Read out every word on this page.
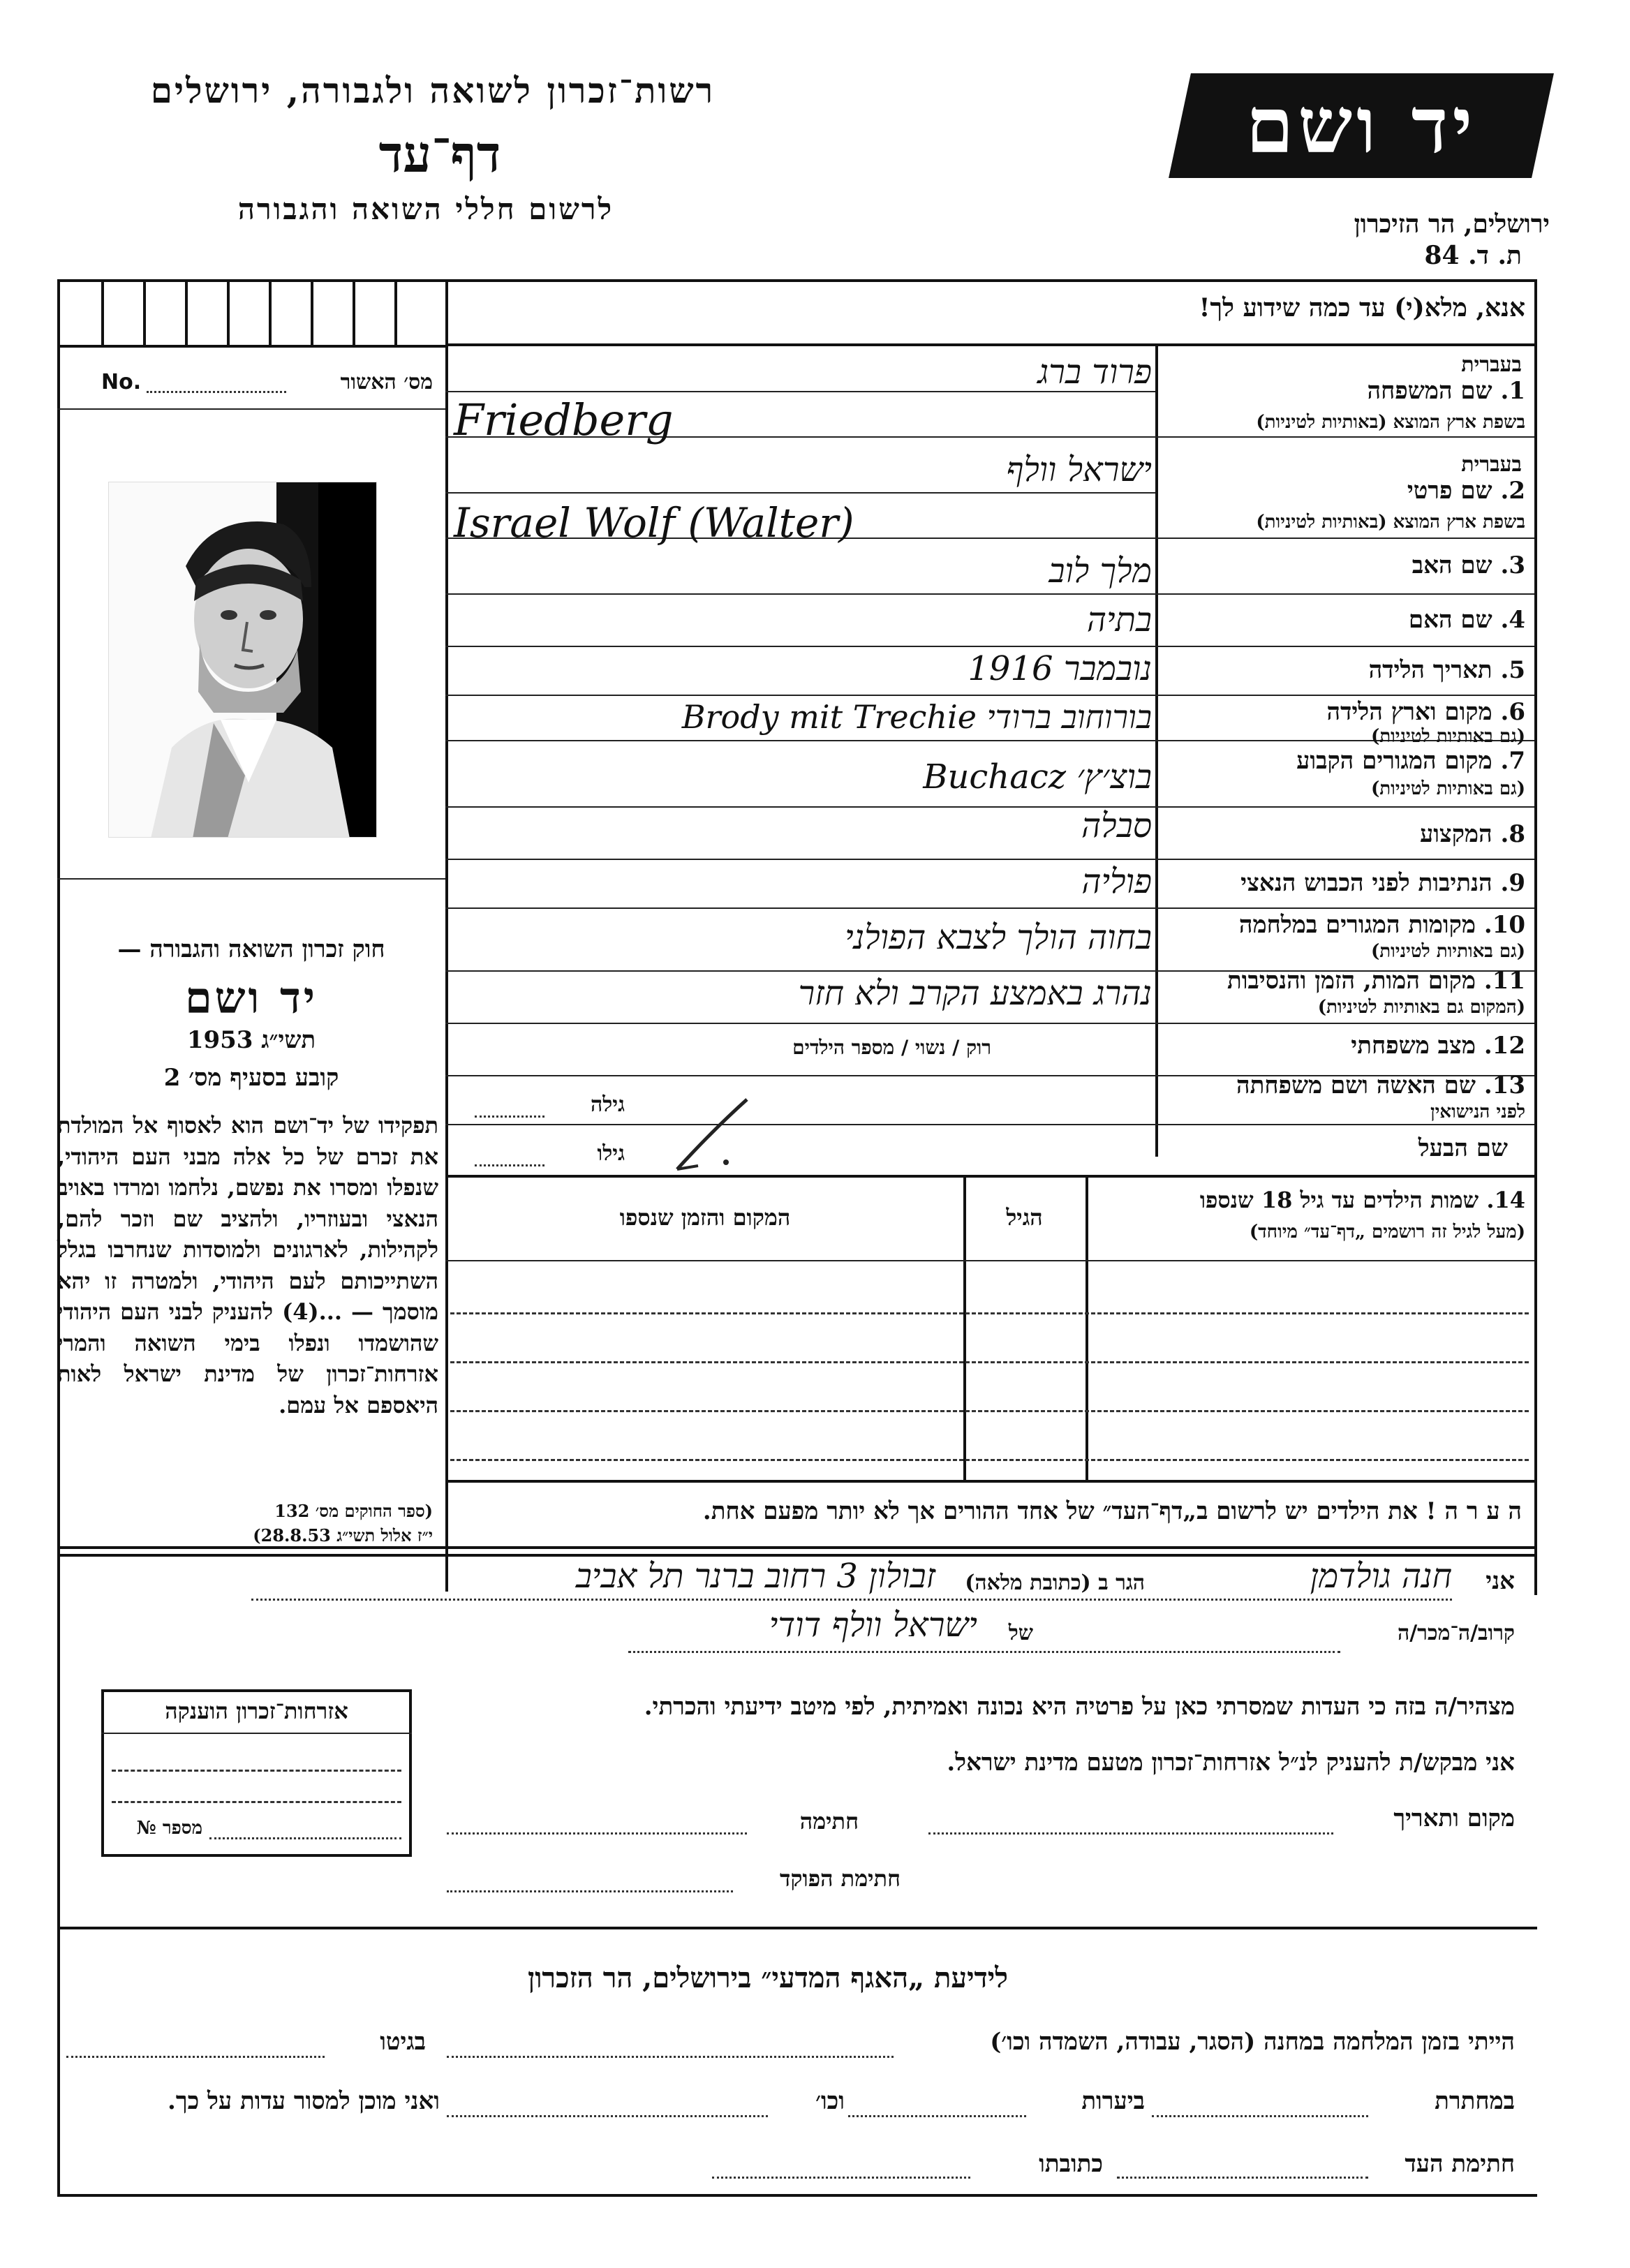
רשות־זכרון לשואה ולגבורה, ירושלים
דף־עד
לרשום חללי השואה והגבורה
יד ושם
ירושלים, הר הזיכרון
ת. ד. 84
אנא, מלא(י) עד כמה שידוע לך!
No.	מס׳ האשור
חוק זכרון השואה והגבורה —
יד ושם
תשי״ג 1953
קובע בסעיף מס׳ 2
תפקידו של יד־ושם הוא לאסוף אל המולדת את זכרם של כל אלה מבני העם היהודי, שנפלו ומסרו את נפשם, נלחמו ומרדו באויב הנאצי ובעוזריו, ולהציב שם וזכר להם, לקהילות, לארגונים ולמוסדות שנחרבו בגלל השתייכותם לעם היהודי, ולמטרה זו יהא מוסמך — ...(4) להעניק לבני העם היהודי שהושמדו ונפלו בימי השואה והמרי אזרחות־זכרון של מדינת ישראל לאות היאספם אל עמם.
(ספר החוקים מס׳ 132
י״ז אלול תשי״ג 28.8.53)
בעברית
1. שם המשפחה
בשפת ארץ המוצא (באותיות לטיניות)
פרוד ברג
Friedberg
בעברית
2. שם פרטי
בשפת ארץ המוצא (באותיות לטיניות)
ישראל וולף
Israel Wolf (Walter)
3. שם האב
מלך לוב
4. שם האם
בתיה
5. תאריך הלידה
נובמבר 1916
6. מקום וארץ הלידה
(גם באותיות לטיניות)
Brody mit Trechie בורוחוב ברודי
7. מקום המגורים הקבוע
(גם באותיות לטיניות)
Buchacz בוצ׳ץ׳
8. המקצוע
סבלה
9. הנתיבות לפני הכבוש הנאצי
פוליה
10. מקומות המגורים במלחמה
(גם באותיות לטיניות)
בחוה הולך לצבא הפולני
11. מקום המות, הזמן והנסיבות
(המקום גם באותיות לטיניות)
נהרג באמצע הקרב ולא חזר
12. מצב משפחתי
רוק / נשוי / מספר הילדים
13. שם האשה ושם משפחתה
לפני הנישואין
גילה
שם הבעל
גילו
14. שמות הילדים עד גיל 18 שנספו
(מעל לגיל זה רושמים „דף־עד״ מיוחד)
הגיל
המקום והזמן שנספו
ה ע ר ה ! את הילדים יש לרשום ב„דף־העד״ של אחד ההורים אך לא יותר מפעם אחת.
אני
חנה גולדמן
הגר ב (כתובת מלאה)
זבולון 3 רחוב ברנר תל אביב
קרוב/ה־מכר/ה
של
ישראל וולף דודי
מצהיר/ה בזה כי העדות שמסרתי כאן על פרטיה היא נכונה ואמיתית, לפי מיטב ידיעתי והכרתי.
אני מבקש/ת להעניק לנ״ל אזרחות־זכרון מטעם מדינת ישראל.
מקום ותאריך
חתימה
חתימת הפוקד
אזרחות־זכרון הוענקה
מספר №
לידיעת „האגף המדעי״ בירושלים, הר הזכרון
הייתי בזמן המלחמה במחנה (הסגר, עבודה, השמדה וכו׳)
בגיטו
במחתרת
ביערות
וכו׳
ואני מוכן למסור עדות על כך.
חתימת העד
כתובתו
